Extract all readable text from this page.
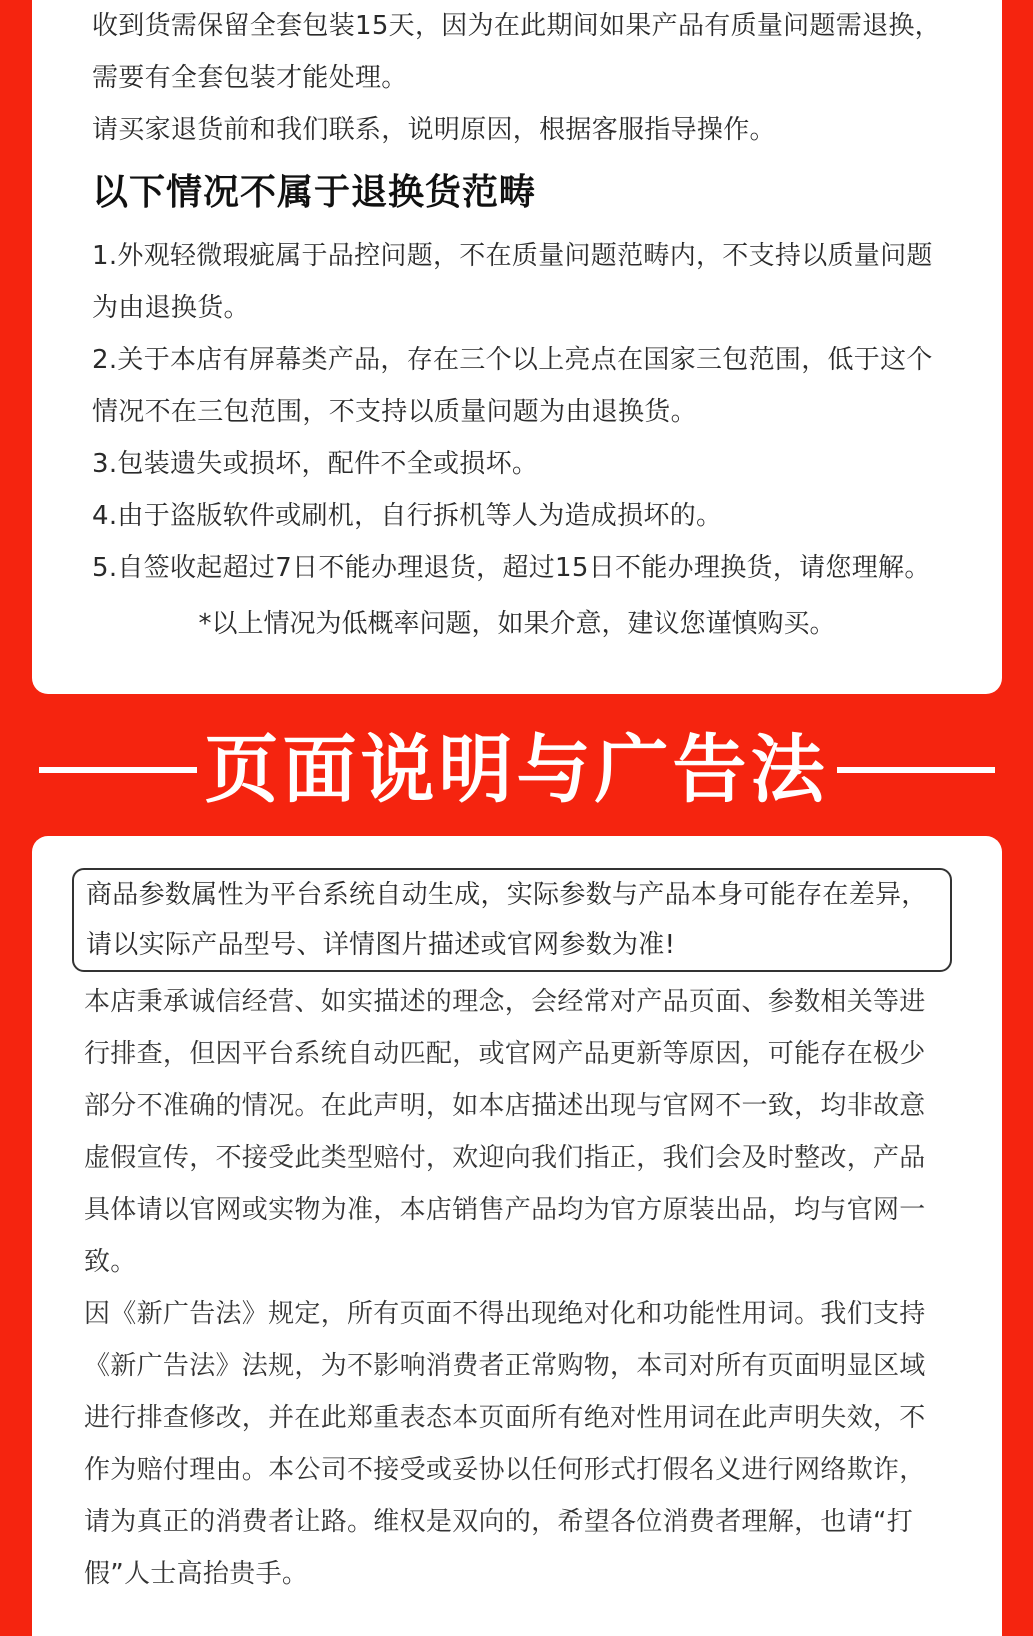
收到货需保留全套包装15天，因为在此期间如果产品有质量问题需退换，需要有全套包装才能处理。

请买家退货前和我们联系，说明原因，根据客服指导操作。

以下情况不属于退换货范畴

1.外观轻微瑕疵属于品控问题，不在质量问题范畴内，不支持以质量问题为由退换货。

2.关于本店有屏幕类产品，存在三个以上亮点在国家三包范围，低于这个情况不在三包范围，不支持以质量问题为由退换货。

3.包装遗失或损坏，配件不全或损坏。

4.由于盗版软件或刷机，自行拆机等人为造成损坏的。

5.自签收起超过7日不能办理退货，超过15日不能办理换货，请您理解。

*以上情况为低概率问题，如果介意，建议您谨慎购买。

页面说明与广告法

商品参数属性为平台系统自动生成，实际参数与产品本身可能存在差异，请以实际产品型号、详情图片描述或官网参数为准!

本店秉承诚信经营、如实描述的理念，会经常对产品页面、参数相关等进行排查，但因平台系统自动匹配，或官网产品更新等原因，可能存在极少部分不准确的情况。在此声明，如本店描述出现与官网不一致，均非故意虚假宣传，不接受此类型赔付，欢迎向我们指正，我们会及时整改，产品具体请以官网或实物为准，本店销售产品均为官方原装出品，均与官网一致。

因《新广告法》规定，所有页面不得出现绝对化和功能性用词。我们支持《新广告法》法规，为不影响消费者正常购物，本司对所有页面明显区域进行排查修改，并在此郑重表态本页面所有绝对性用词在此声明失效，不作为赔付理由。本公司不接受或妥协以任何形式打假名义进行网络欺诈，请为真正的消费者让路。维权是双向的，希望各位消费者理解，也请“打假”人士高抬贵手。
